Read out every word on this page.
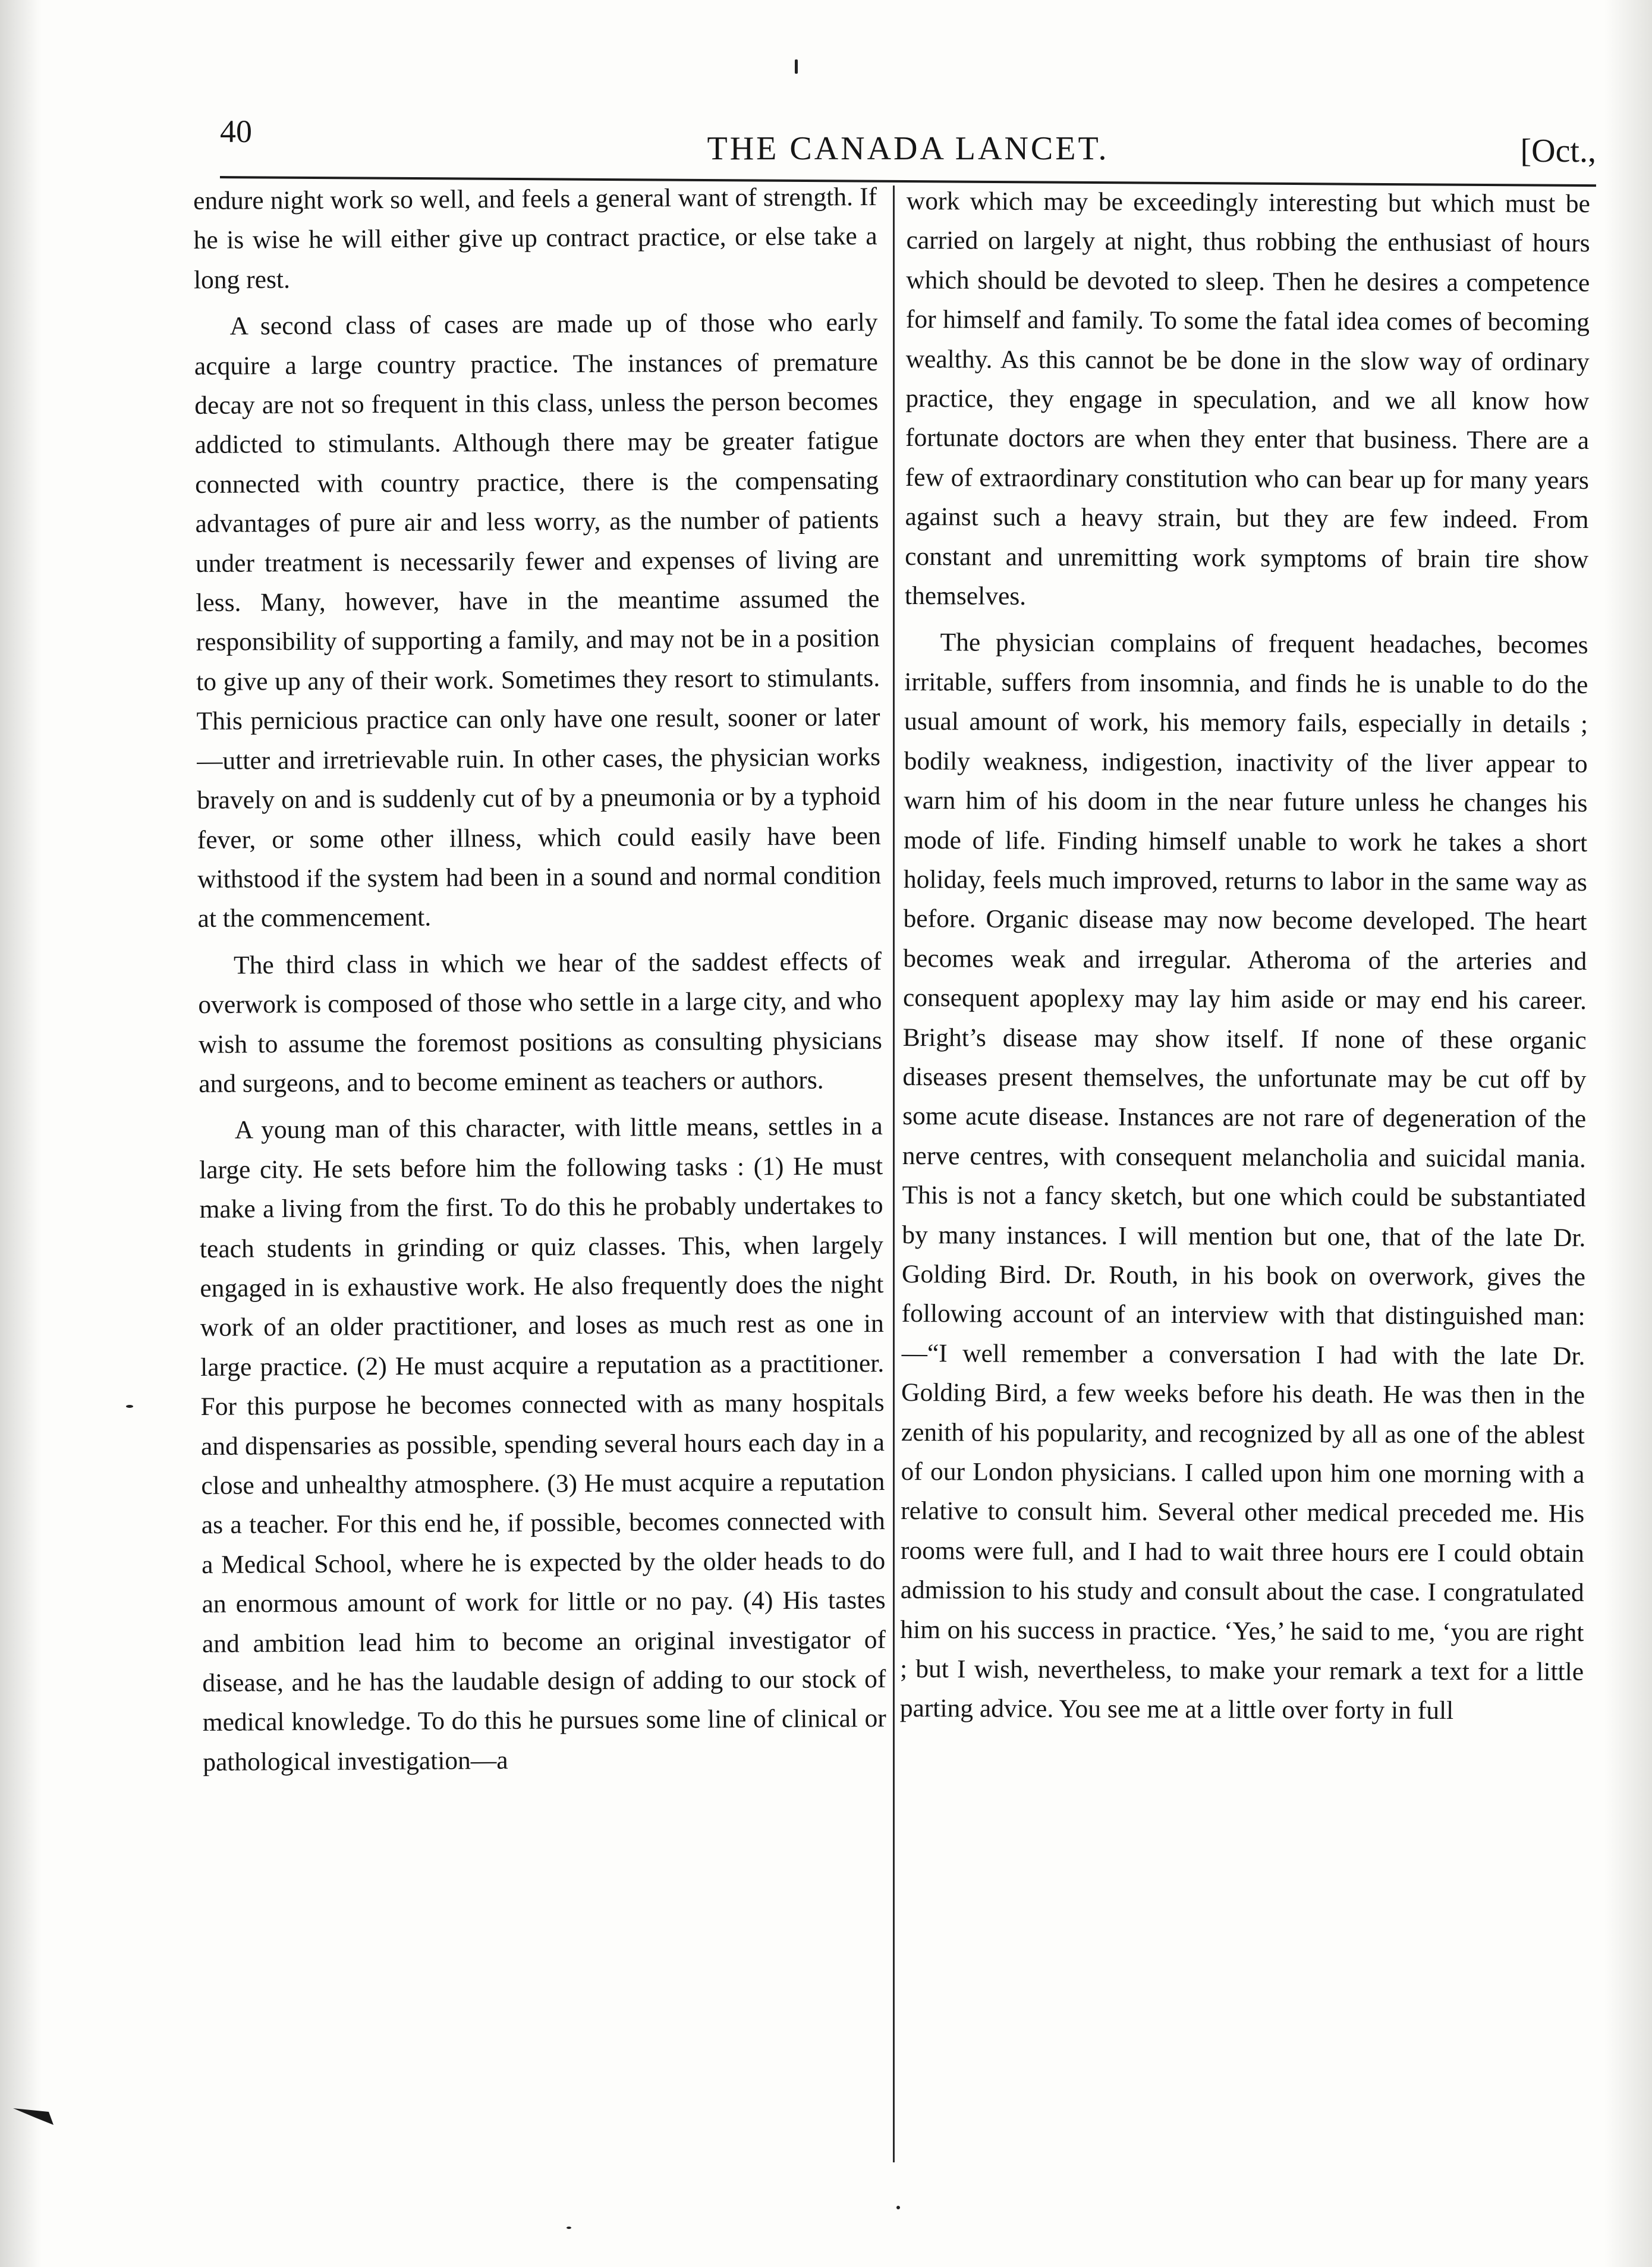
40	THE CANADA LANCET.	[Oct.,

endure night work so well, and feels a general want of strength. If he is wise he will either give up contract practice, or else take a long rest.

A second class of cases are made up of those who early acquire a large country practice. The instances of premature decay are not so frequent in this class, unless the person becomes addicted to stimulants. Although there may be greater fatigue connected with country practice, there is the compensating advantages of pure air and less worry, as the number of patients under treatment is necessarily fewer and expenses of living are less. Many, however, have in the meantime assumed the responsibility of supporting a family, and may not be in a position to give up any of their work. Sometimes they resort to stimulants. This pernicious practice can only have one result, sooner or later—utter and irretrievable ruin. In other cases, the physician works bravely on and is suddenly cut of by a pneumonia or by a typhoid fever, or some other illness, which could easily have been withstood if the system had been in a sound and normal condition at the commencement.

The third class in which we hear of the saddest effects of overwork is composed of those who settle in a large city, and who wish to assume the foremost positions as consulting physicians and surgeons, and to become eminent as teachers or authors.

A young man of this character, with little means, settles in a large city. He sets before him the following tasks : (1) He must make a living from the first. To do this he probably undertakes to teach students in grinding or quiz classes. This, when largely engaged in is exhaustive work. He also frequently does the night work of an older practitioner, and loses as much rest as one in large practice. (2) He must acquire a reputation as a practitioner. For this purpose he becomes connected with as many hospitals and dispensaries as possible, spending several hours each day in a close and unhealthy atmosphere. (3) He must acquire a reputation as a teacher. For this end he, if possible, becomes connected with a Medical School, where he is expected by the older heads to do an enormous amount of work for little or no pay. (4) His tastes and ambition lead him to become an original investigator of disease, and he has the laudable design of adding to our stock of medical knowledge. To do this he pursues some line of clinical or pathological investigation—a

work which may be exceedingly interesting but which must be carried on largely at night, thus robbing the enthusiast of hours which should be devoted to sleep. Then he desires a competence for himself and family. To some the fatal idea comes of becoming wealthy. As this cannot be be done in the slow way of ordinary practice, they engage in speculation, and we all know how fortunate doctors are when they enter that business. There are a few of extraordinary constitution who can bear up for many years against such a heavy strain, but they are few indeed. From constant and unremitting work symptoms of brain tire show themselves.

The physician complains of frequent headaches, becomes irritable, suffers from insomnia, and finds he is unable to do the usual amount of work, his memory fails, especially in details ; bodily weakness, indigestion, inactivity of the liver appear to warn him of his doom in the near future unless he changes his mode of life. Finding himself unable to work he takes a short holiday, feels much improved, returns to labor in the same way as before. Organic disease may now become developed. The heart becomes weak and irregular. Atheroma of the arteries and consequent apoplexy may lay him aside or may end his career. Bright’s disease may show itself. If none of these organic diseases present themselves, the unfortunate may be cut off by some acute disease. Instances are not rare of degeneration of the nerve centres, with consequent melancholia and suicidal mania. This is not a fancy sketch, but one which could be substantiated by many instances. I will mention but one, that of the late Dr. Golding Bird. Dr. Routh, in his book on overwork, gives the following account of an interview with that distinguished man:—“I well remember a conversation I had with the late Dr. Golding Bird, a few weeks before his death. He was then in the zenith of his popularity, and recognized by all as one of the ablest of our London physicians. I called upon him one morning with a relative to consult him. Several other medical preceded me. His rooms were full, and I had to wait three hours ere I could obtain admission to his study and consult about the case. I congratulated him on his success in practice. ‘Yes,’ he said to me, ‘you are right ; but I wish, nevertheless, to make your remark a text for a little parting advice. You see me at a little over forty in full
